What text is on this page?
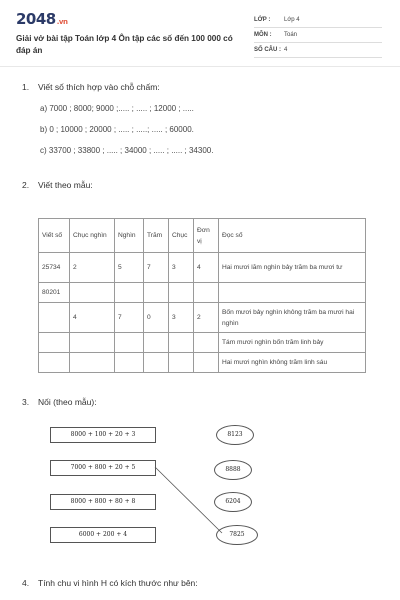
2048.vn
Giải vở bài tập Toán lớp 4 Ôn tập các số đến 100 000 có đáp án
LỚP : Lớp 4
MÔN : Toán
SỐ CÂU : 4
1. Viết số thích hợp vào chỗ chấm:
a) 7000 ; 8000; 9000 ;..... ; ..... ; 12000 ; .....
b) 0 ; 10000 ; 20000 ; ..... ; .....; ..... ; 60000.
c) 33700 ; 33800 ; ..... ; 34000 ; ..... ; ..... ; 34300.
2. Viết theo mẫu:
Viết số	Chục nghìn	Nghìn	Trăm	Chục	Đơn vị	Đọc số
25734	2	5	7	3	4	Hai mươi lăm nghìn bảy trăm ba mươi tư
80201						
	4	7	0	3	2	Bốn mươi bảy nghìn không trăm ba mươi hai nghìn
						Tám mươi nghìn bốn trăm linh bảy
						Hai mươi nghìn không trăm linh sáu
3. Nối (theo mẫu):
8000 + 100 + 20 + 3
7000 + 800 + 20 + 5
8000 + 800 + 80 + 8
6000 + 200 + 4
8123
8888
6204
7825
4. Tính chu vi hình H có kích thước như bên:
